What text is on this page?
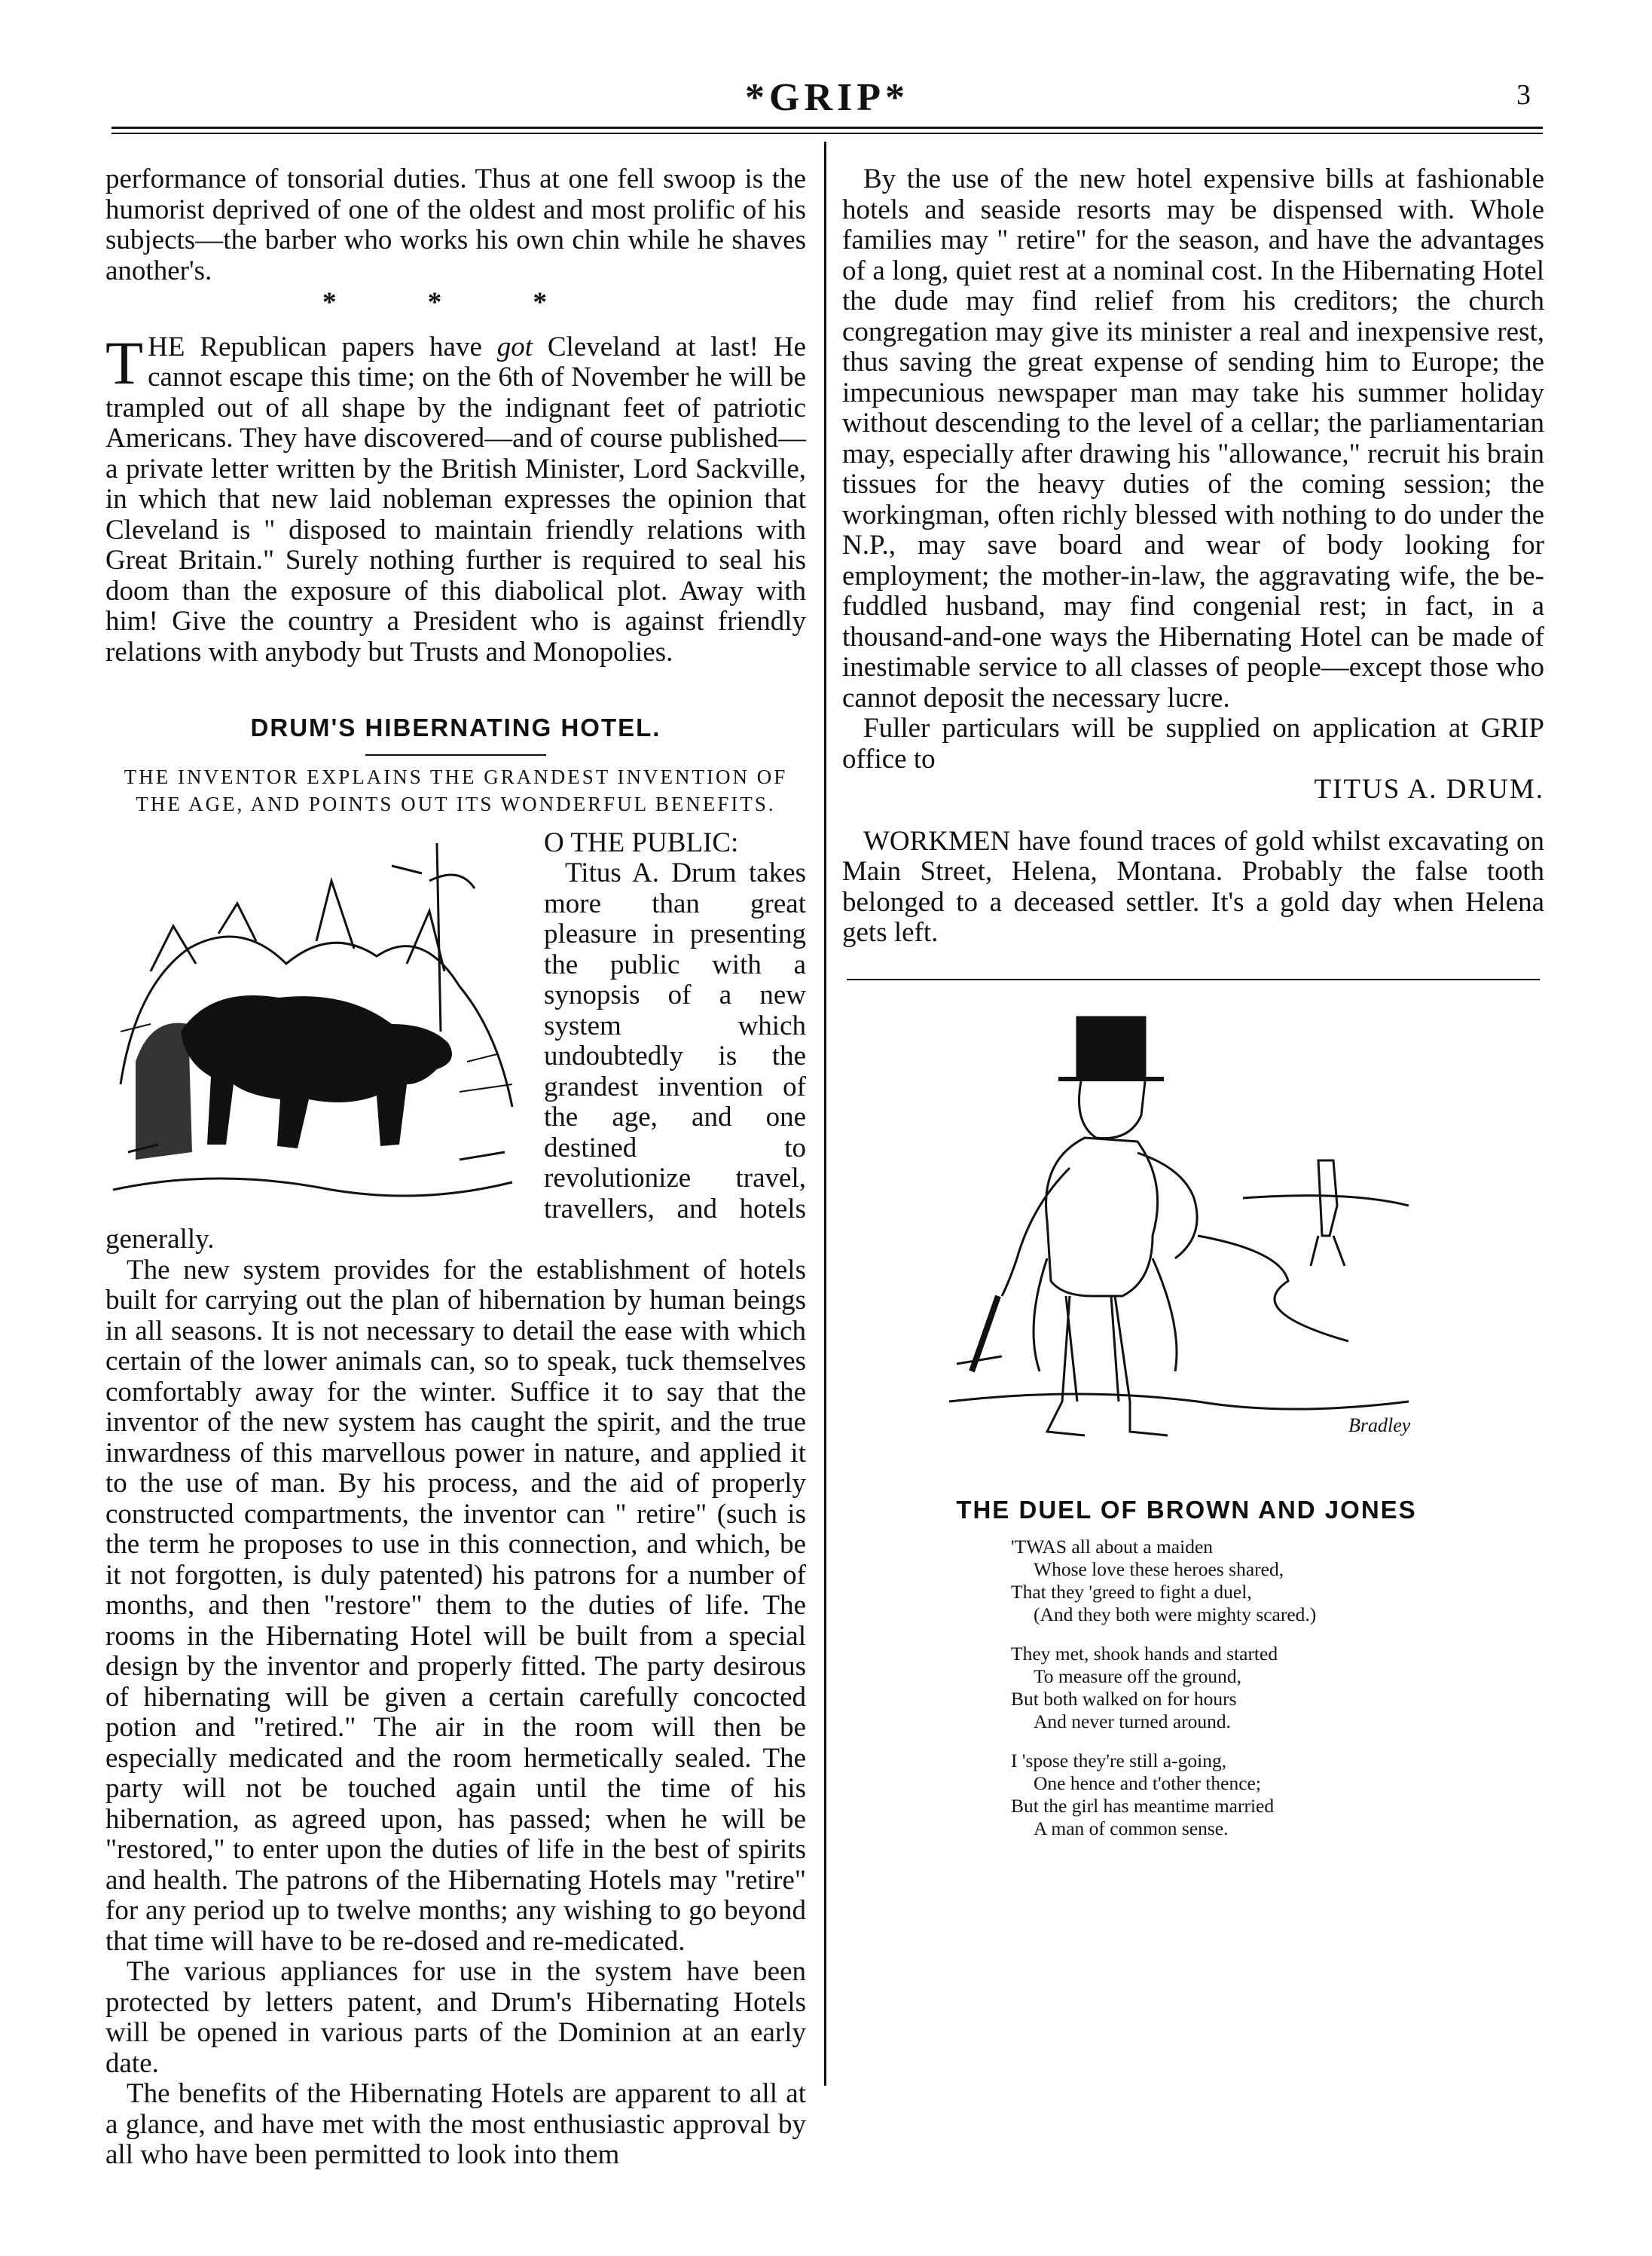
*GRIP*	3

performance of tonsorial duties. Thus at one fell swoop is the humorist deprived of one of the oldest and most prolific of his subjects—the barber who works his own chin while he shaves another's.

* * *

THE Republican papers have got Cleveland at last! He cannot escape this time; on the 6th of November he will be trampled out of all shape by the indignant feet of patriotic Americans. They have discovered—and of course published—a private letter written by the British Minister, Lord Sackville, in which that new laid nobleman expresses the opinion that Cleveland is " disposed to maintain friendly relations with Great Britain." Surely nothing further is required to seal his doom than the exposure of this diabolical plot. Away with him! Give the country a President who is against friendly relations with anybody but Trusts and Monopolies.

DRUM'S HIBERNATING HOTEL.
THE INVENTOR EXPLAINS THE GRANDEST INVENTION OF THE AGE, AND POINTS OUT ITS WONDERFUL BENEFITS.

O THE PUBLIC:

Titus A. Drum takes more than great pleasure in presenting the public with a synopsis of a new system which undoubtedly is the grandest invention of the age, and one destined to revolutionize travel, travellers, and hotels generally.

The new system provides for the establishment of hotels built for carrying out the plan of hibernation by human beings in all seasons. It is not necessary to detail the ease with which certain of the lower animals can, so to speak, tuck themselves comfortably away for the winter. Suffice it to say that the inventor of the new system has caught the spirit, and the true inwardness of this marvellous power in nature, and applied it to the use of man. By his process, and the aid of properly constructed compartments, the inventor can " retire" (such is the term he proposes to use in this connection, and which, be it not forgotten, is duly patented) his patrons for a number of months, and then "restore" them to the duties of life. The rooms in the Hibernating Hotel will be built from a special design by the inventor and properly fitted. The party desirous of hibernating will be given a certain carefully concocted potion and "retired." The air in the room will then be especially medicated and the room hermetically sealed. The party will not be touched again until the time of his hibernation, as agreed upon, has passed; when he will be "restored," to enter upon the duties of life in the best of spirits and health. The patrons of the Hibernating Hotels may "retire" for any period up to twelve months; any wishing to go beyond that time will have to be re-dosed and re-medicated.

The various appliances for use in the system have been protected by letters patent, and Drum's Hibernating Hotels will be opened in various parts of the Dominion at an early date.

The benefits of the Hibernating Hotels are apparent to all at a glance, and have met with the most enthusiastic approval by all who have been permitted to look into them

By the use of the new hotel expensive bills at fashionable hotels and seaside resorts may be dispensed with. Whole families may " retire" for the season, and have the advantages of a long, quiet rest at a nominal cost. In the Hibernating Hotel the dude may find relief from his creditors; the church congregation may give its minister a real and inexpensive rest, thus saving the great expense of sending him to Europe; the impecunious newspaper man may take his summer holiday without descending to the level of a cellar; the parliamentarian may, especially after drawing his "allowance," recruit his brain tissues for the heavy duties of the coming session; the workingman, often richly blessed with nothing to do under the N.P., may save board and wear of body looking for employment; the mother-in-law, the aggravating wife, the be-fuddled husband, may find congenial rest; in fact, in a thousand-and-one ways the Hibernating Hotel can be made of inestimable service to all classes of people—except those who cannot deposit the necessary lucre.

Fuller particulars will be supplied on application at GRIP office to

TITUS A. DRUM.

WORKMEN have found traces of gold whilst excavating on Main Street, Helena, Montana. Probably the false tooth belonged to a deceased settler. It's a gold day when Helena gets left.

Bradley
THE DUEL OF BROWN AND JONES
'TWAS all about a maiden
Whose love these heroes shared,
That they 'greed to fight a duel,
(And they both were mighty scared.)
They met, shook hands and started
To measure off the ground,
But both walked on for hours
And never turned around.
I 'spose they're still a-going,
One hence and t'other thence;
But the girl has meantime married
A man of common sense.
